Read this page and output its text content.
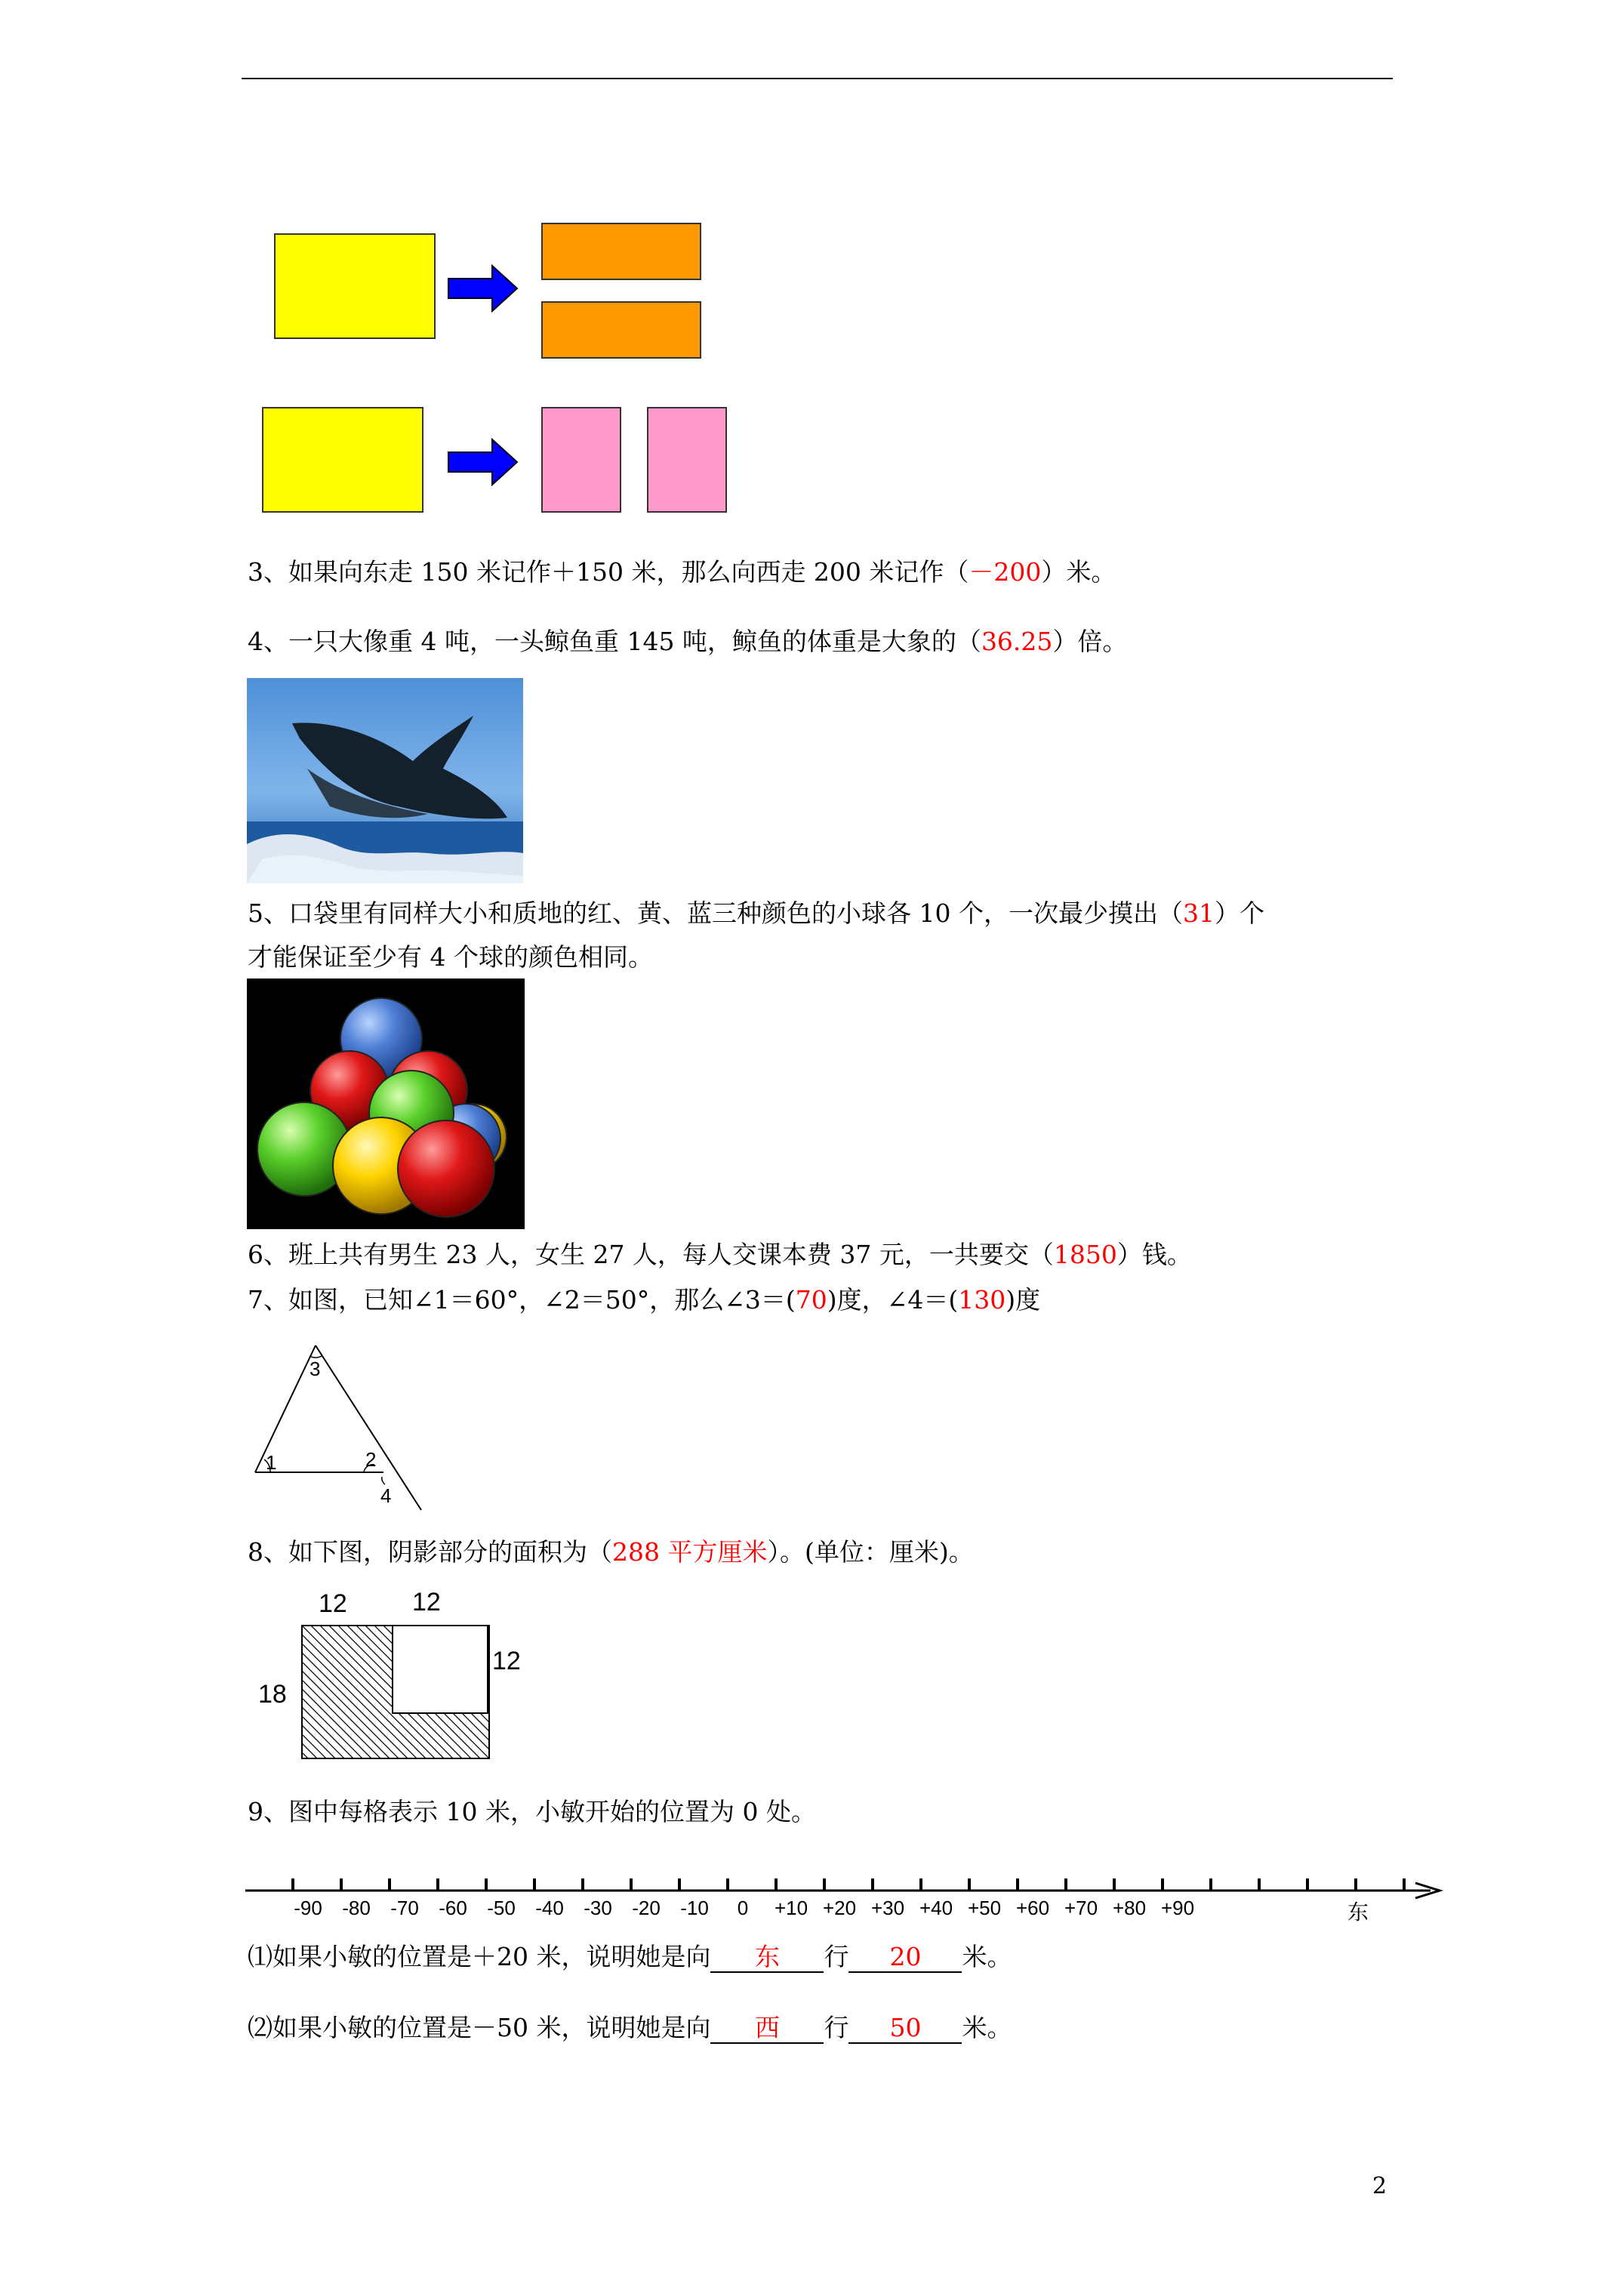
3、如果向东走 150 米记作＋150 米，那么向西走 200 米记作（－200）米。
4、一只大像重 4 吨，一头鲸鱼重 145 吨，鲸鱼的体重是大象的（36.25）倍。
5、口袋里有同样大小和质地的红、黄、蓝三种颜色的小球各 10 个，一次最少摸出（31）个
才能保证至少有 4 个球的颜色相同。
6、班上共有男生 23 人，女生 27 人，每人交课本费 37 元，一共要交（1850）钱。
7、如图，已知∠1＝60°，∠2＝50°，那么∠3＝(70)度，∠4＝(130)度
1
3
2
4
8、如下图，阴影部分的面积为（288 平方厘米）。(单位：厘米)。
12	12
12
18
9、图中每格表示 10 米，小敏开始的位置为 0 处。
-90 -80 -70 -60 -50 -40 -30 -20 -10 0 +10 +20 +30 +40 +50 +60 +70 +80 +90	东
⑴如果小敏的位置是＋20 米，说明她是向 东 行 20 米。
⑵如果小敏的位置是－50 米，说明她是向 西 行 50 米。
2
